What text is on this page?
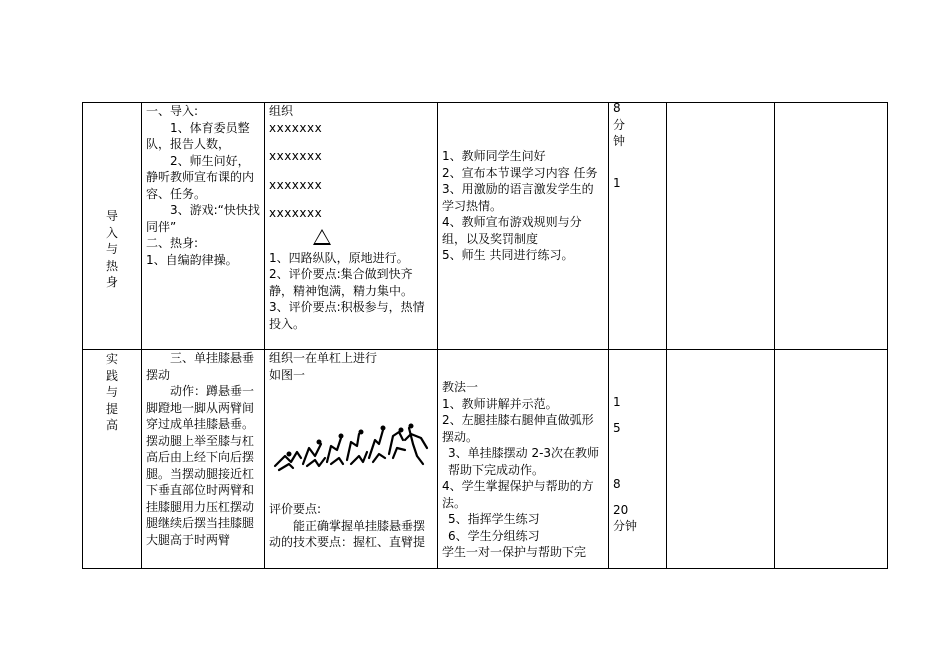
导
入
与
热
身
一、导入:
1、体育委员整队，报告人数，
2、师生问好，静听教师宣布课的内容、任务。
3、游戏:“快快找同伴”
二、热身:
1、自编韵律操。
组织
xxxxxxx
xxxxxxx
xxxxxxx
xxxxxxx
1、四路纵队，原地进行。
2、评价要点:集合做到快齐静，精神饱满，精力集中。
3、评价要点:积极参与，热情投入。
1、教师同学生问好
2、宣布本节课学习内容 任务
3、用激励的语言激发学生的学习热情。
4、教师宣布游戏规则与分组，以及奖罚制度
5、师生 共同进行练习。
8
分
钟
1
实
践
与
提
高
三、单挂膝悬垂摆动
动作：蹲悬垂一脚蹬地一脚从两臂间穿过成单挂膝悬垂。摆动腿上举至膝与杠高后由上经下向后摆腿。当摆动腿接近杠下垂直部位时两臂和挂膝腿用力压杠摆动腿继续后摆当挂膝腿大腿高于时两臂
组织一在单杠上进行
如图一
评价要点:
能正确掌握单挂膝悬垂摆动的技术要点：握杠、直臂提
教法一
1、教师讲解并示范。
2、左腿挂膝右腿伸直做弧形摆动。
3、单挂膝摆动 2-3次在教师帮助下完成动作。
4、学生掌握保护与帮助的方法。
5、指挥学生练习
6、学生分组练习
学生一对一保护与帮助下完
1
5
8
20
分钟
